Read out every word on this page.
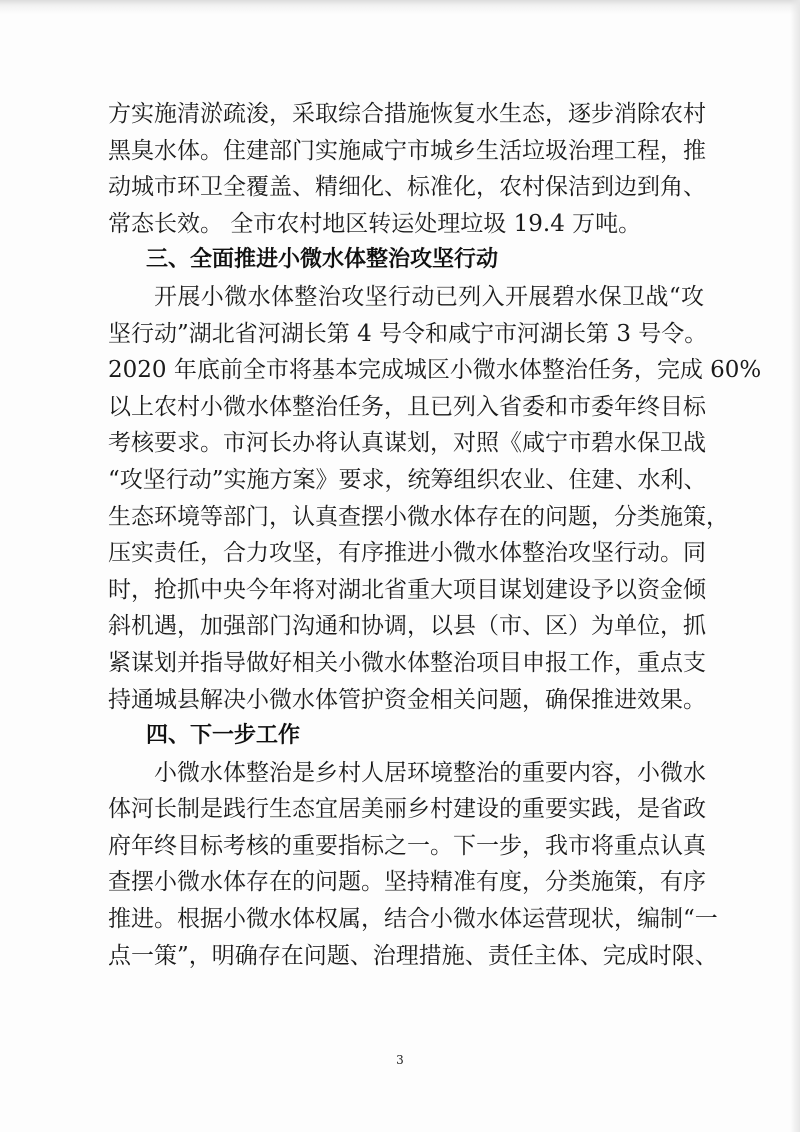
方实施清淤疏浚，采取综合措施恢复水生态，逐步消除农村
黑臭水体。住建部门实施咸宁市城乡生活垃圾治理工程，推
动城市环卫全覆盖、精细化、标准化，农村保洁到边到角、
常态长效。 全市农村地区转运处理垃圾 19.4 万吨。
三、全面推进小微水体整治攻坚行动
开展小微水体整治攻坚行动已列入开展碧水保卫战“攻
坚行动”湖北省河湖长第 4 号令和咸宁市河湖长第 3 号令。
2020 年底前全市将基本完成城区小微水体整治任务，完成 60%
以上农村小微水体整治任务，且已列入省委和市委年终目标
考核要求。市河长办将认真谋划，对照《咸宁市碧水保卫战
“攻坚行动”实施方案》要求，统筹组织农业、住建、水利、
生态环境等部门，认真查摆小微水体存在的问题，分类施策，
压实责任，合力攻坚，有序推进小微水体整治攻坚行动。同
时，抢抓中央今年将对湖北省重大项目谋划建设予以资金倾
斜机遇，加强部门沟通和协调，以县（市、区）为单位，抓
紧谋划并指导做好相关小微水体整治项目申报工作，重点支
持通城县解决小微水体管护资金相关问题，确保推进效果。
四、下一步工作
小微水体整治是乡村人居环境整治的重要内容，小微水
体河长制是践行生态宜居美丽乡村建设的重要实践，是省政
府年终目标考核的重要指标之一。下一步，我市将重点认真
查摆小微水体存在的问题。坚持精准有度，分类施策，有序
推进。根据小微水体权属，结合小微水体运营现状，编制“一
点一策”，明确存在问题、治理措施、责任主体、完成时限、
3
